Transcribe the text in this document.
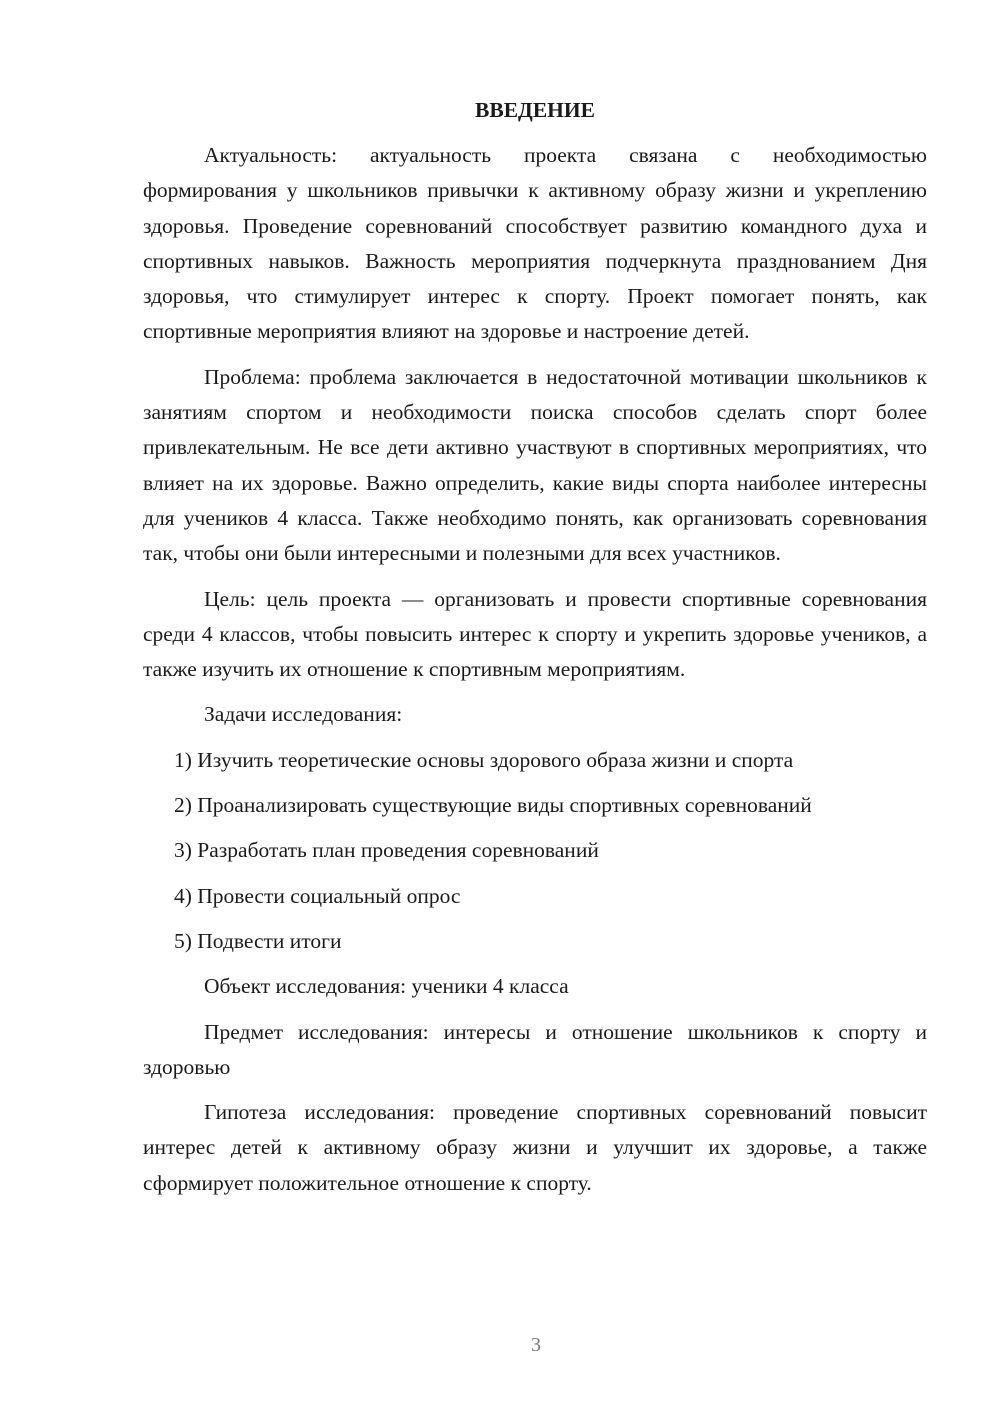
ВВЕДЕНИЕ

Актуальность: актуальность проекта связана с необходимостью формирования у школьников привычки к активному образу жизни и укреплению здоровья. Проведение соревнований способствует развитию командного духа и спортивных навыков. Важность мероприятия подчеркнута празднованием Дня здоровья, что стимулирует интерес к спорту. Проект помогает понять, как спортивные мероприятия влияют на здоровье и настроение детей.

Проблема: проблема заключается в недостаточной мотивации школьников к занятиям спортом и необходимости поиска способов сделать спорт более привлекательным. Не все дети активно участвуют в спортивных мероприятиях, что влияет на их здоровье. Важно определить, какие виды спорта наиболее интересны для учеников 4 класса. Также необходимо понять, как организовать соревнования так, чтобы они были интересными и полезными для всех участников.

Цель: цель проекта — организовать и провести спортивные соревнования среди 4 классов, чтобы повысить интерес к спорту и укрепить здоровье учеников, а также изучить их отношение к спортивным мероприятиям.

Задачи исследования:
1) Изучить теоретические основы здорового образа жизни и спорта
2) Проанализировать существующие виды спортивных соревнований
3) Разработать план проведения соревнований
4) Провести социальный опрос
5) Подвести итоги
Объект исследования: ученики 4 класса

Предмет исследования: интересы и отношение школьников к спорту и здоровью

Гипотеза исследования: проведение спортивных соревнований повысит интерес детей к активному образу жизни и улучшит их здоровье, а также сформирует положительное отношение к спорту.

3
